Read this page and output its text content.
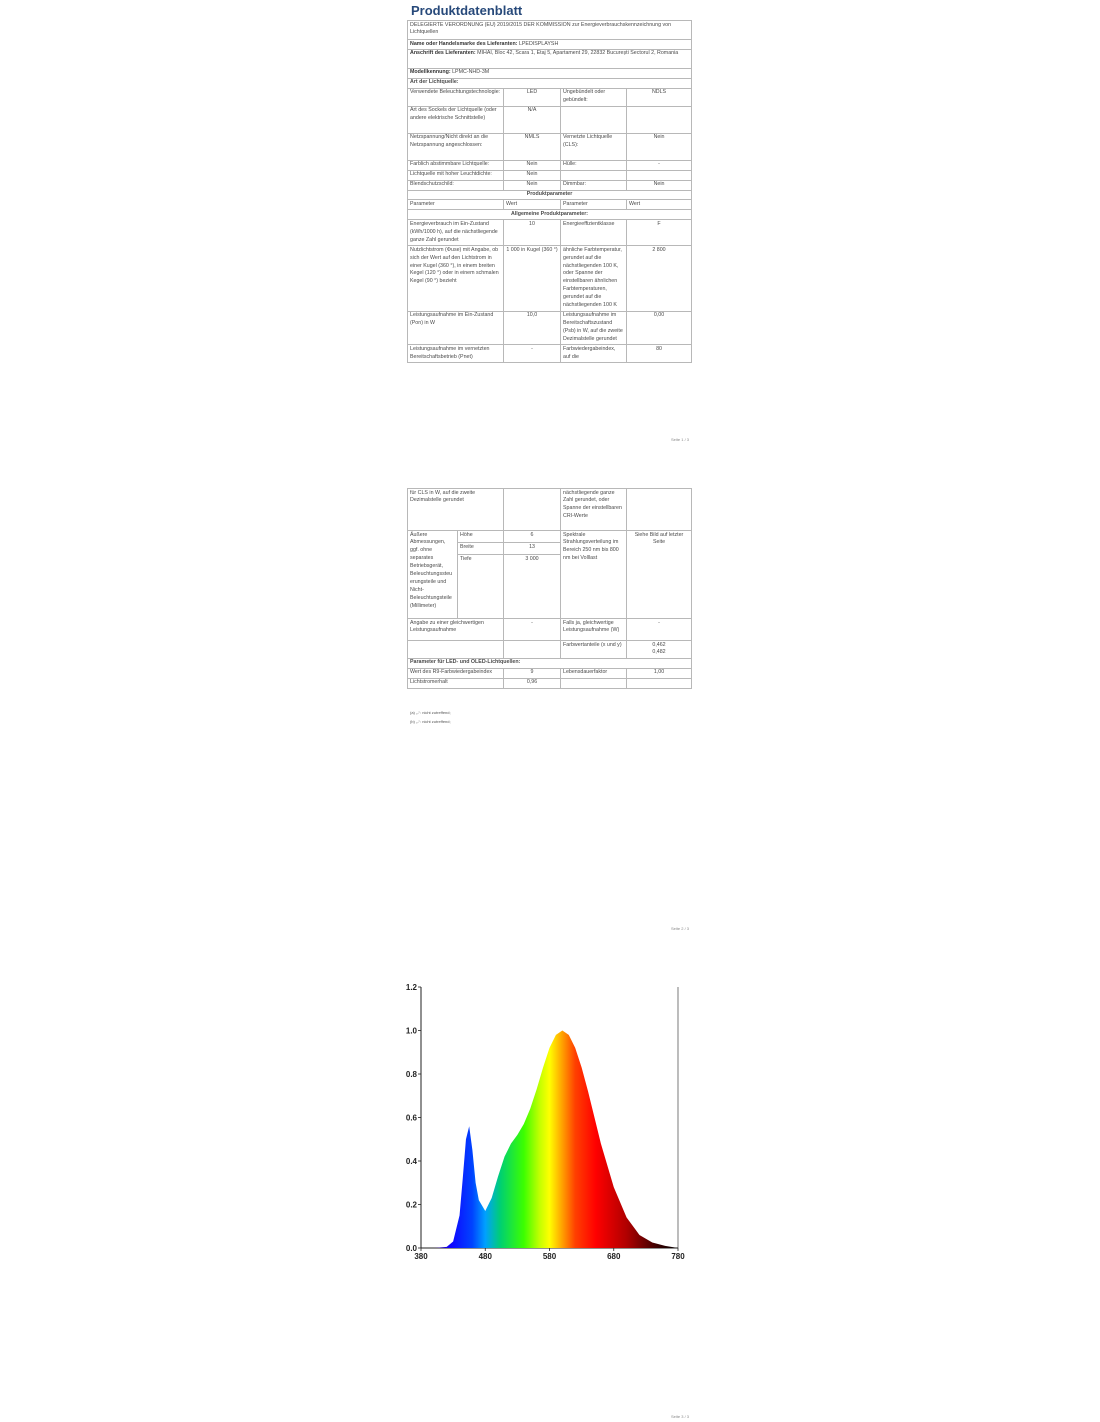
Produktdatenblatt
DELEGIERTE VERORDNUNG (EU) 2019/2015 DER KOMMISSION zur Energieverbrauchskennzeichnung von Lichtquellen			
Name oder Handelsmarke des Lieferanten: LPEDISPLAYSH			
Anschrift des Lieferanten: MIHAI, Bloc 42, Scara 1, Etaj 5, Apartament 29, 22832 București Sectorul 2, Romania			
Modellkennung: LPMC-NHD-3M			
Art der Lichtquelle:			
Verwendete Beleuchtungstechnologie:	LED	Ungebündelt oder gebündelt:	NDLS
Art des Sockels der Lichtquelle (oder andere elektrische Schnittstelle)	N/A		
Netzspannung/Nicht direkt an die Netzspannung angeschlossen:	NMLS	Vernetzte Lichtquelle (CLS):	Nein
Farblich abstimmbare Lichtquelle:	Nein	Hülle:	-
Lichtquelle mit hoher Leuchtdichte:	Nein		
Blendschutzschild:	Nein	Dimmbar:	Nein
Produktparameter			
Parameter	Wert	Parameter	Wert
Allgemeine Produktparameter:			
Energieverbrauch im Ein-Zustand (kWh/1000 h), auf die nächstliegende ganze Zahl gerundet	10	Energieeffizientklasse	F
Nutzlichtstrom (Φuse) mit Angabe, ob sich der Wert auf den Lichtstrom in einer Kugel (360 °), in einem breiten Kegel (120 °) oder in einem schmalen Kegel (90 °) bezieht	1 000 in Kugel (360 °)	ähnliche Farbtemperatur, gerundet auf die nächstliegenden 100 K, oder Spanne der einstellbaren ähnlichen Farbtemperaturen, gerundet auf die nächstliegenden 100 K	2 800
Leistungsaufnahme im Ein-Zustand (Pon) in W	10,0	Leistungsaufnahme im Bereitschaftszustand (Psb) in W, auf die zweite Dezimalstelle gerundet	0,00
Leistungsaufnahme im vernetzten Bereitschaftsbetrieb (Pnet)	-	Farbwiedergabeindex, auf die	80
Seite 1 / 3
für CLS in W, auf die zweite Dezimalstelle gerundet			nächstliegende ganze Zahl gerundet, oder Spanne der einstellbaren CRI-Werte	
Äußere Abmessungen, ggf. ohne separates Betriebsgerät, Beleuchtungssteuerungsteile und Nicht-Beleuchtungsteile (Millimeter)	Höhe	6	Spektrale Strahlungsverteilung im Bereich 250 nm bis 800 nm bei Volllast	Siehe Bild auf letzter Seite
	Breite	13		
	Tiefe	3 000		
Angabe zu einer gleichwertigen Leistungsaufnahme		-	Falls ja, gleichwertige Leistungsaufnahme (W)	-
			Farbwertanteile (x und y)	0,462
0,482
Parameter für LED- und OLED-Lichtquellen:				
Wert des R9-Farbwiedergabeindex		9	Lebensdauerfaktor	1,00
Lichtstromerhalt		0,96		
(a) „-“: nicht zutreffend;
(b) „-“: nicht zutreffend;
Seite 2 / 3
0.0
0.2
0.4
0.6
0.8
1.0
1.2
380	480	580	680	780
Seite 3 / 3
